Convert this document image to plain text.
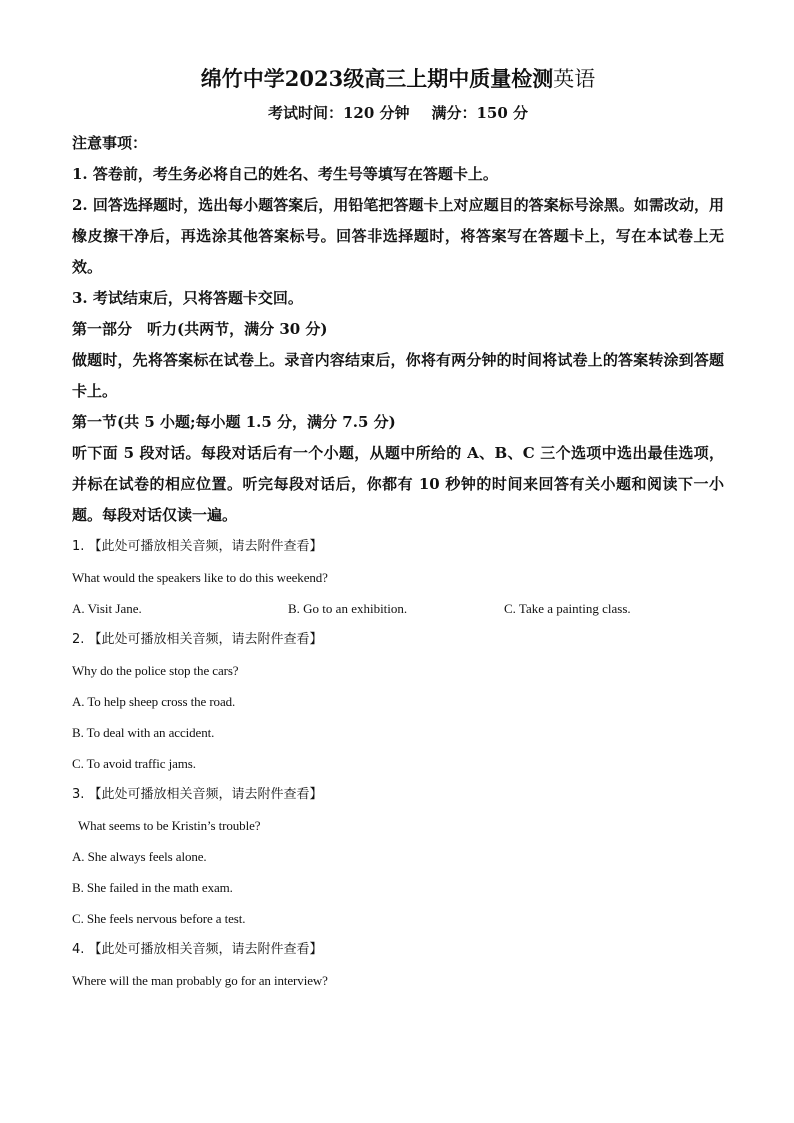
绵竹中学2023级高三上期中质量检测英语
考试时间：120 分钟 满分：150 分

注意事项：

1. 答卷前，考生务必将自己的姓名、考生号等填写在答题卡上。

2. 回答选择题时，选出每小题答案后，用铅笔把答题卡上对应题目的答案标号涂黑。如需改动，用橡皮擦干净后，再选涂其他答案标号。回答非选择题时，将答案写在答题卡上，写在本试卷上无效。

3. 考试结束后，只将答题卡交回。

第一部分　听力(共两节，满分 30 分)

做题时，先将答案标在试卷上。录音内容结束后，你将有两分钟的时间将试卷上的答案转涂到答题卡上。

第一节(共 5 小题;每小题 1.5 分，满分 7.5 分)

听下面 5 段对话。每段对话后有一个小题，从题中所给的 A、B、C 三个选项中选出最佳选项，并标在试卷的相应位置。听完每段对话后，你都有 10 秒钟的时间来回答有关小题和阅读下一小题。每段对话仅读一遍。

1. 【此处可播放相关音频，请去附件查看】

What would the speakers like to do this weekend?

A. Visit Jane.	B. Go to an exhibition.	C. Take a painting class.

2. 【此处可播放相关音频，请去附件查看】

Why do the police stop the cars?

A. To help sheep cross the road.

B. To deal with an accident.

C. To avoid traffic jams.

3. 【此处可播放相关音频，请去附件查看】

What seems to be Kristin’s trouble?

A. She always feels alone.

B. She failed in the math exam.

C. She feels nervous before a test.

4. 【此处可播放相关音频，请去附件查看】

Where will the man probably go for an interview?
